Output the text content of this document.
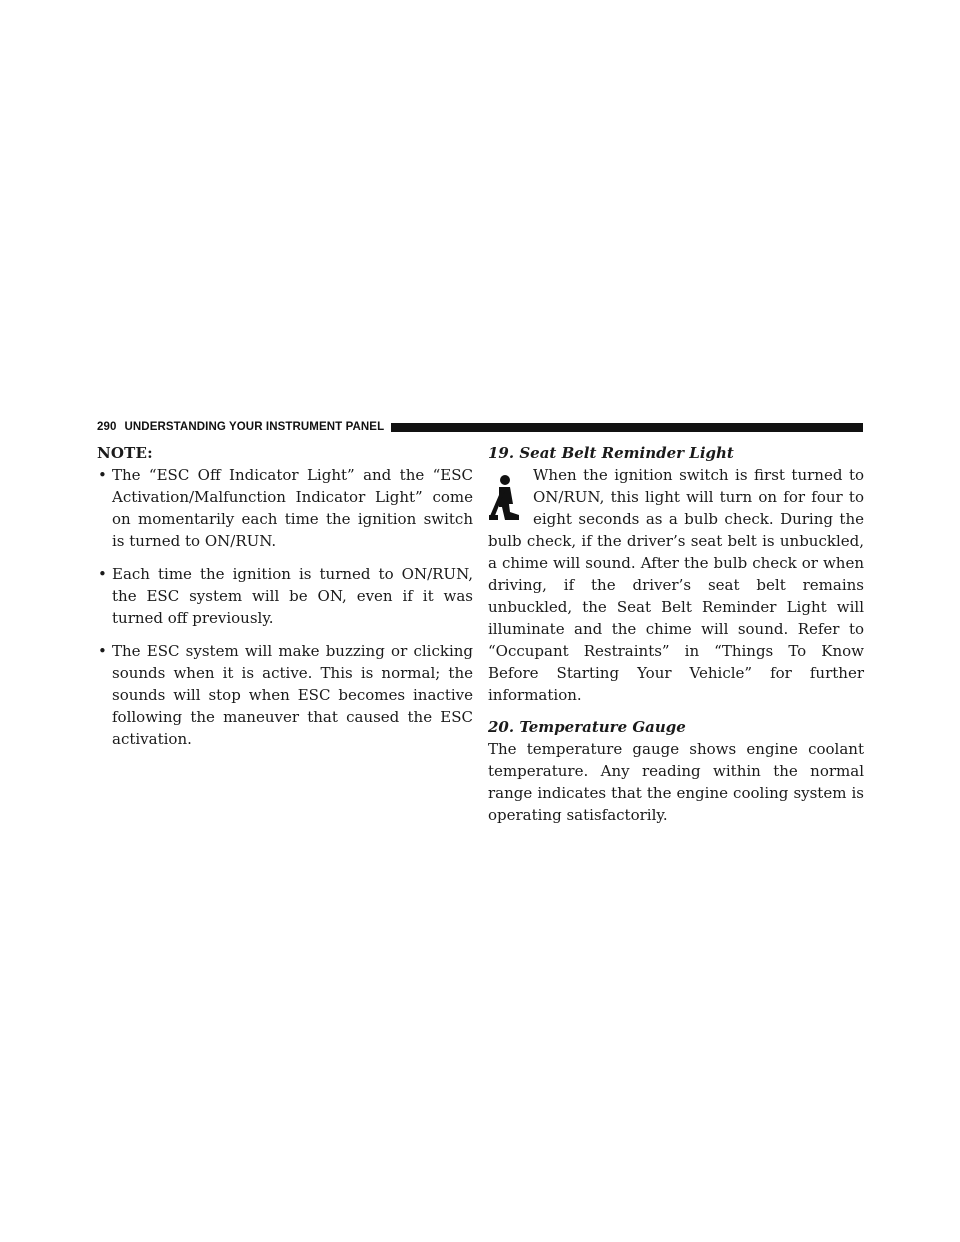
290 UNDERSTANDING YOUR INSTRUMENT PANEL

NOTE:

• The “ESC Off Indicator Light” and the “ESC Activation/Malfunction Indicator Light” come on momentarily each time the ignition switch is turned to ON/RUN.
• Each time the ignition is turned to ON/RUN, the ESC system will be ON, even if it was turned off previously.
• The ESC system will make buzzing or clicking sounds when it is active. This is normal; the sounds will stop when ESC becomes inactive following the maneuver that caused the ESC activation.

19. Seat Belt Reminder Light

When the ignition switch is first turned to ON/RUN, this light will turn on for four to eight seconds as a bulb check. During the bulb check, if the driver’s seat belt is unbuckled, a chime will sound. After the bulb check or when driving, if the driver’s seat belt remains unbuckled, the Seat Belt Reminder Light will illuminate and the chime will sound. Refer to “Occupant Restraints” in “Things To Know Before Starting Your Vehicle” for further information.

20. Temperature Gauge

The temperature gauge shows engine coolant temperature. Any reading within the normal range indicates that the engine cooling system is operating satisfactorily.
